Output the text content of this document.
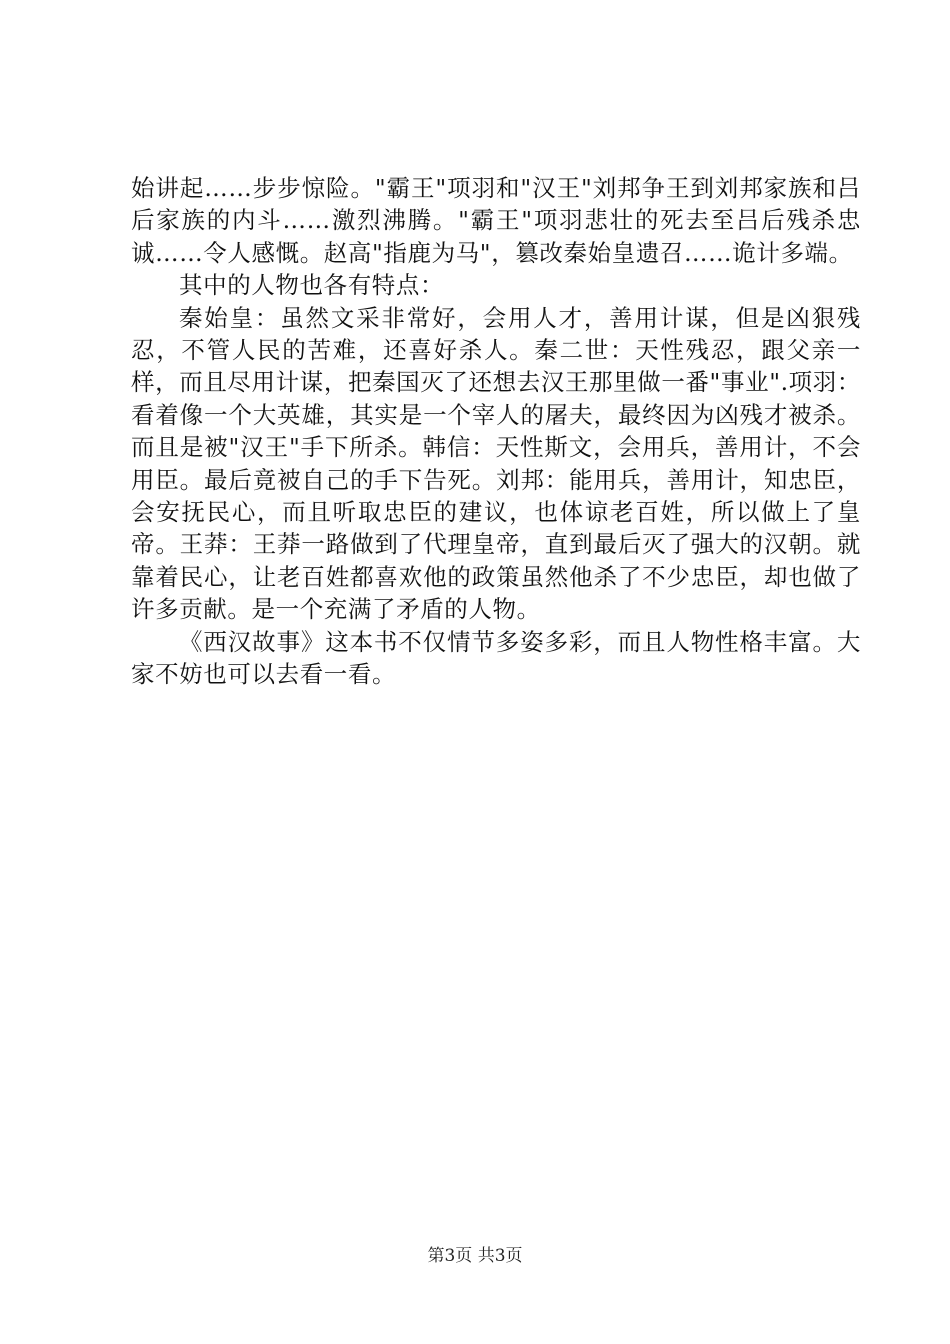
始讲起……步步惊险。"霸王"项羽和"汉王"刘邦争王到刘邦家族和吕后家族的内斗……激烈沸腾。"霸王"项羽悲壮的死去至吕后残杀忠诚……令人感慨。赵高"指鹿为马"，篡改秦始皇遗召……诡计多端。

其中的人物也各有特点：

秦始皇：虽然文采非常好，会用人才，善用计谋，但是凶狠残忍，不管人民的苦难，还喜好杀人。秦二世：天性残忍，跟父亲一样，而且尽用计谋，把秦国灭了还想去汉王那里做一番"事业".项羽：看着像一个大英雄，其实是一个宰人的屠夫，最终因为凶残才被杀。而且是被"汉王"手下所杀。韩信：天性斯文，会用兵，善用计，不会用臣。最后竟被自己的手下告死。刘邦：能用兵，善用计，知忠臣，会安抚民心，而且听取忠臣的建议，也体谅老百姓，所以做上了皇帝。王莽：王莽一路做到了代理皇帝，直到最后灭了强大的汉朝。就靠着民心，让老百姓都喜欢他的政策虽然他杀了不少忠臣，却也做了许多贡献。是一个充满了矛盾的人物。

《西汉故事》这本书不仅情节多姿多彩，而且人物性格丰富。大家不妨也可以去看一看。

第3页 共3页
